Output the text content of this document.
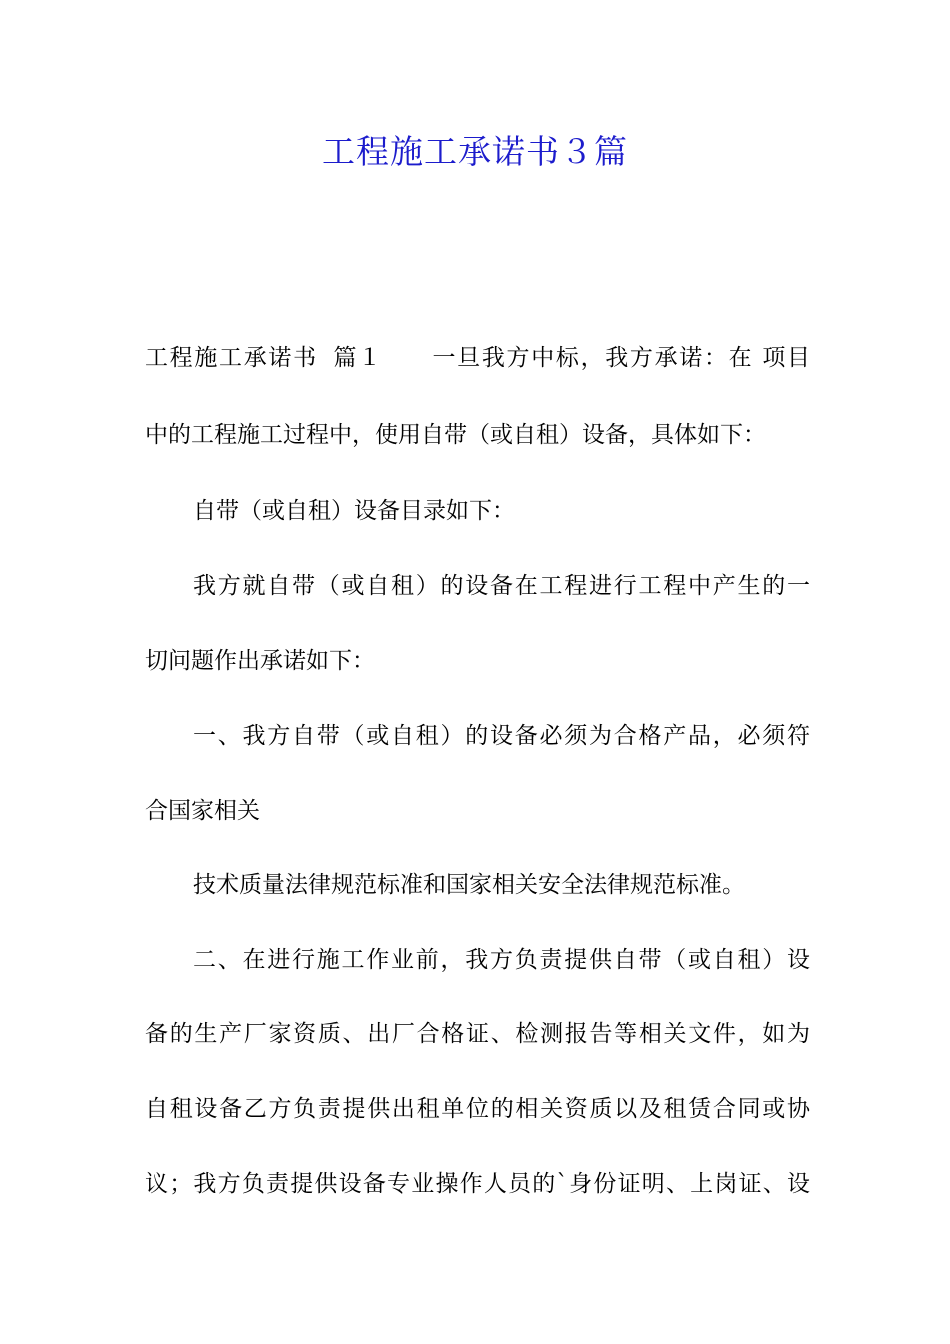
工程施工承诺书３篇
工程施工承诺书 篇１ 一旦我方中标，我方承诺：在 项目
中的工程施工过程中，使用自带（或自租）设备，具体如下：
自带（或自租）设备目录如下：
我方就自带（或自租）的设备在工程进行工程中产生的一
切问题作出承诺如下：
一、我方自带（或自租）的设备必须为合格产品，必须符
合国家相关
技术质量法律规范标准和国家相关安全法律规范标准。
二、在进行施工作业前，我方负责提供自带（或自租）设
备的生产厂家资质、出厂合格证、检测报告等相关文件，如为
自租设备乙方负责提供出租单位的相关资质以及租赁合同或协
议；我方负责提供设备专业操作人员的`身份证明、上岗证、设
